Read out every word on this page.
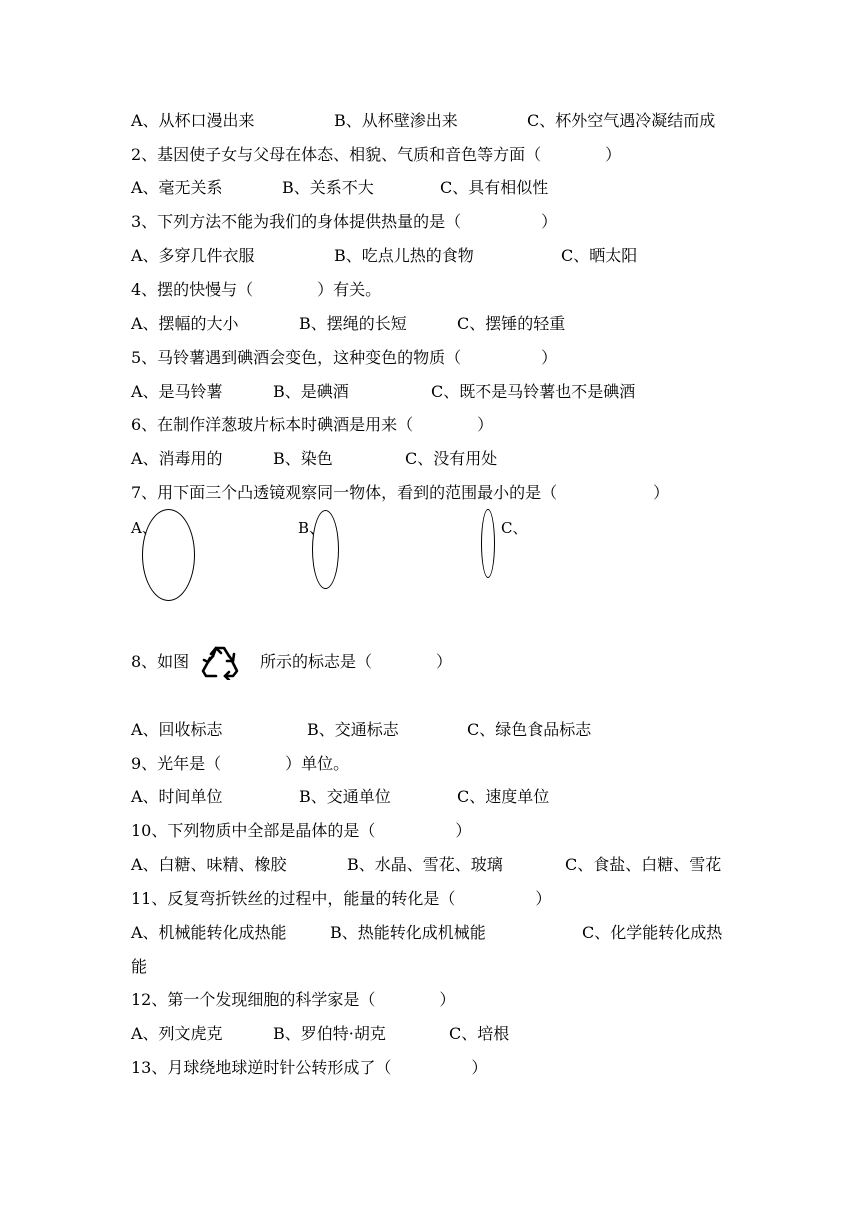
A、从杯口漫出来

	B、从杯壁渗出来

	C、杯外空气遇冷凝结而成

2、基因使子女与父母在体态、相貌、气质和音色等方面（　　　　）

A、毫无关系

	B、关系不大

	C、具有相似性

3、下列方法不能为我们的身体提供热量的是（　　　　　）

A、多穿几件衣服

	B、吃点儿热的食物

	C、晒太阳

4、摆的快慢与（　　　　）有关。

A、摆幅的大小

	B、摆绳的长短

	C、摆锤的轻重

5、马铃薯遇到碘酒会变色，这种变色的物质（　　　　　）

A、是马铃薯

	B、是碘酒

	C、既不是马铃薯也不是碘酒

6、在制作洋葱玻片标本时碘酒是用来（　　　　）

A、消毒用的

	B、染色

	C、没有用处

7、用下面三个凸透镜观察同一物体，看到的范围最小的是（　　　　　　）
A、	B、	C、

8、如图

	所示的标志是（　　　　）

A、回收标志

	B、交通标志

	C、绿色食品标志

9、光年是（　　　　）单位。

A、时间单位

	B、交通单位

	C、速度单位

10、下列物质中全部是晶体的是（　　　　　）

A、白糖、味精、橡胶

	B、水晶、雪花、玻璃

	C、食盐、白糖、雪花

11、反复弯折铁丝的过程中，能量的转化是（　　　　　）

A、机械能转化成热能

	B、热能转化成机械能

	C、化学能转化成热

能
12、第一个发现细胞的科学家是（　　　　）

A、列文虎克

	B、罗伯特·胡克

	C、培根

13、月球绕地球逆时针公转形成了（　　　　　）
